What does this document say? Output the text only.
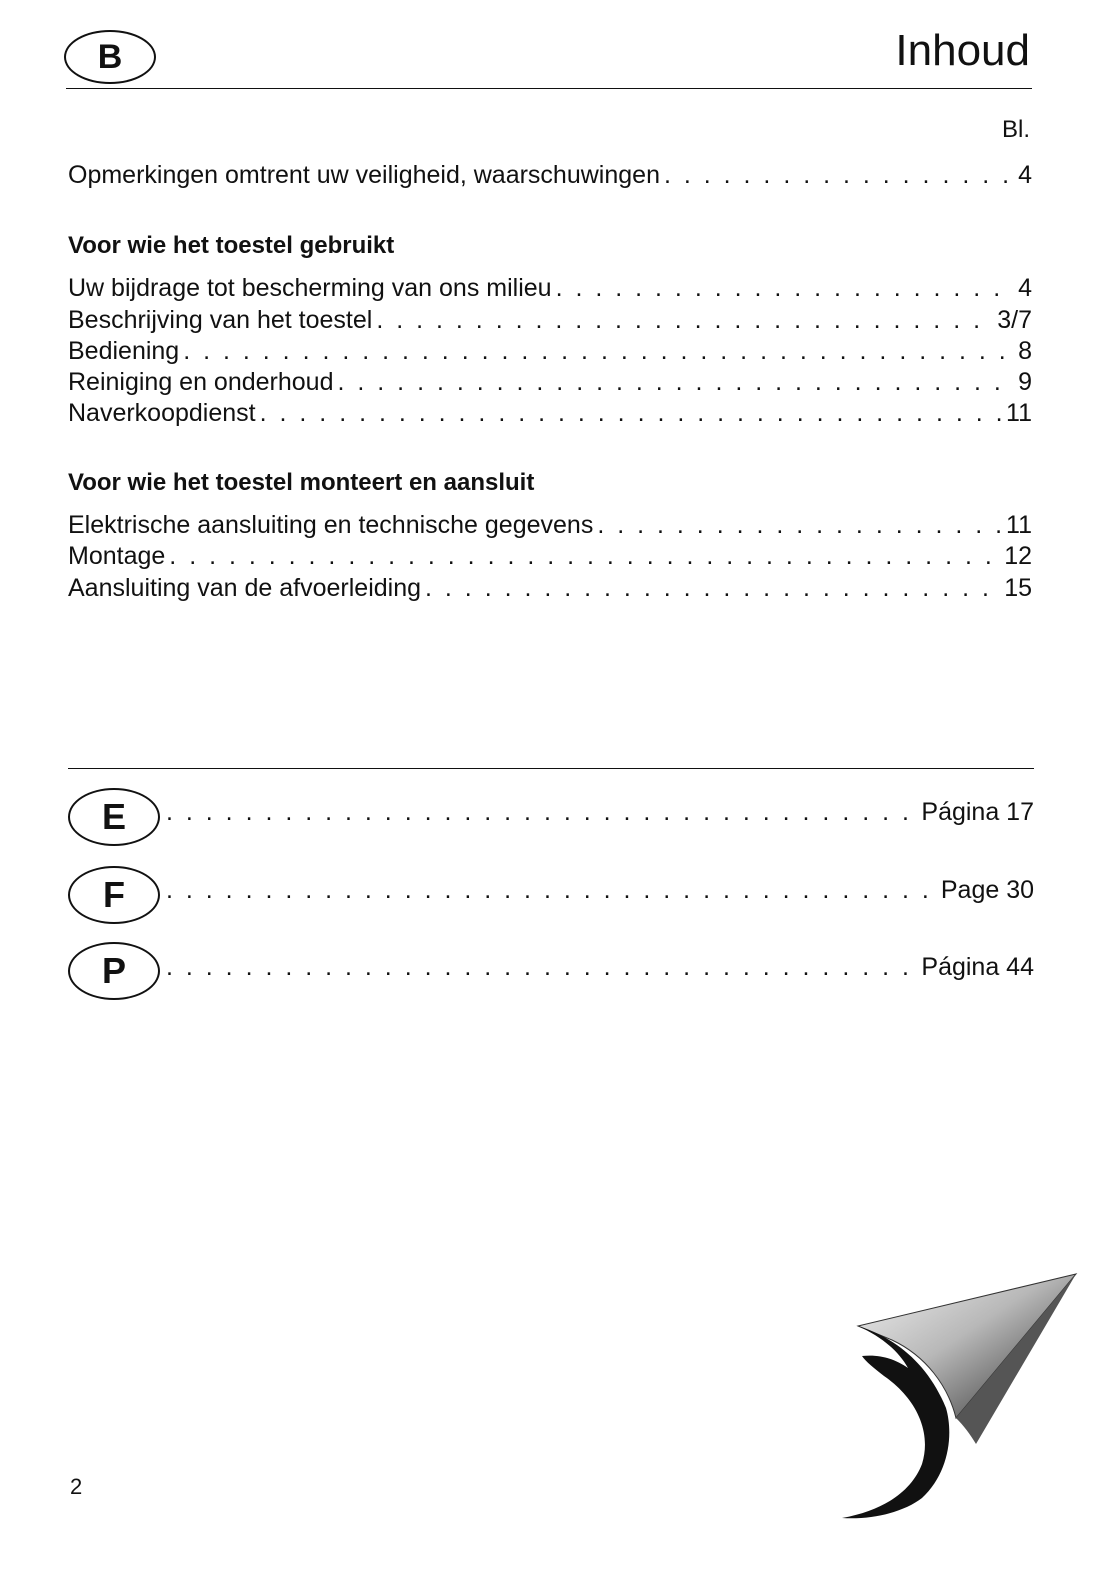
B	Inhoud
Bl.
Opmerkingen omtrent uw veiligheid, waarschuwingen . . .	4
Voor wie het toestel gebruikt
Uw bijdrage tot bescherming van ons milieu . . .	4
Beschrijving van het toestel . . .	3/7
Bediening . . .	8
Reiniging en onderhoud . . .	9
Naverkoopdienst . . .	11
Voor wie het toestel monteert en aansluit
Elektrische aansluiting en technische gegevens . . .	11
Montage . . .	12
Aansluiting van de afvoerleiding . . .	15
E . . .	Página 17
F . . .	Page 30
P . . .	Página 44
2
